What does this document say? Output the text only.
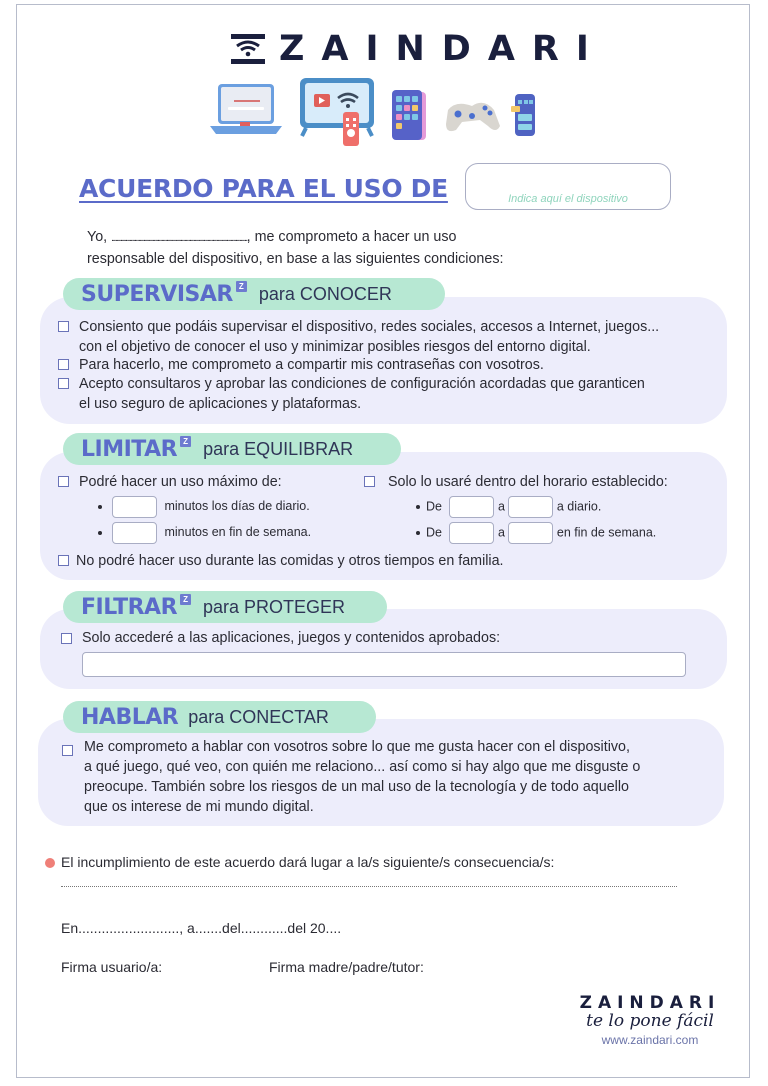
ZAINDARI
ACUERDO PARA EL USO DE	Indica aquí el dispositivo
Yo, .........................................................................................................., me comprometo a hacer un uso
responsable del dispositivo, en base a las siguientes condiciones:
SUPERVISAR $^Z$ para CONOCER
Consiento que podáis supervisar el dispositivo, redes sociales, accesos a Internet, juegos...
con el objetivo de conocer el uso y minimizar posibles riesgos del entorno digital.
Para hacerlo, me comprometo a compartir mis contraseñas con vosotros.
Acepto consultaros y aprobar las condiciones de configuración acordadas que garanticen
el uso seguro de aplicaciones y plataformas.
LIMITAR $^Z$ para EQUILIBRAR
Podré hacer un uso máximo de:
minutos los días de diario.
minutos en fin de semana.
Solo lo usaré dentro del horario establecido:
De	a	a diario.
De	a	en fin de semana.
No podré hacer uso durante las comidas y otros tiempos en familia.
FILTRAR $^Z$ para PROTEGER
Solo accederé a las aplicaciones, juegos y contenidos aprobados:
HABLAR para CONECTAR
Me comprometo a hablar con vosotros sobre lo que me gusta hacer con el dispositivo,
a qué juego, qué veo, con quién me relaciono... así como si hay algo que me disguste o
preocupe. También sobre los riesgos de un mal uso de la tecnología y de todo aquello
que os interese de mi mundo digital.
El incumplimiento de este acuerdo dará lugar a la/s siguiente/s consecuencia/s:
En.........................., a.......del............del 20....
Firma usuario/a:	Firma madre/padre/tutor:
ZAINDARI
te lo pone fácil
www.zaindari.com
